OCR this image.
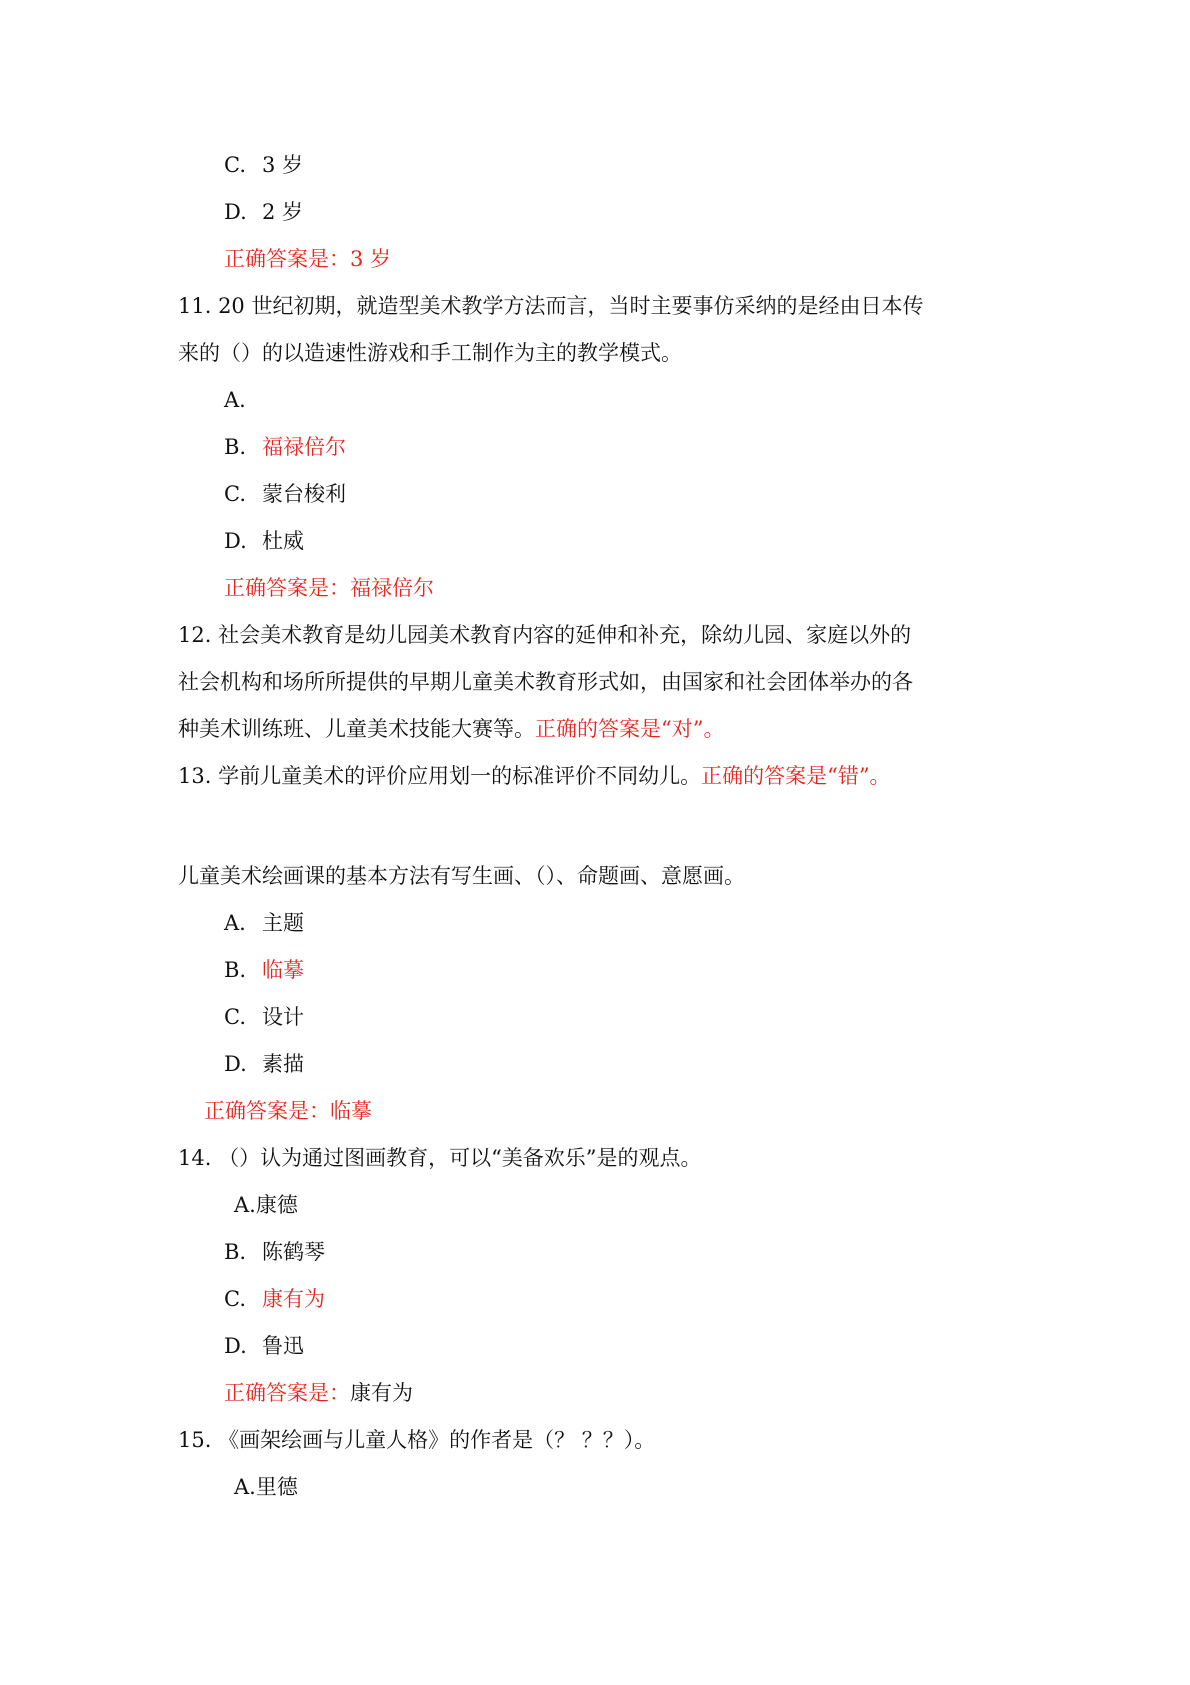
C. 3 岁
D. 2 岁
正确答案是：3 岁
11. 20 世纪初期，就造型美术教学方法而言，当时主要事仿采纳的是经由日本传
来的（）的以造速性游戏和手工制作为主的教学模式。
A.
B. 福禄倍尔
C. 蒙台梭利
D. 杜威
正确答案是：福禄倍尔
12. 社会美术教育是幼儿园美术教育内容的延伸和补充，除幼儿园、家庭以外的
社会机构和场所所提供的早期儿童美术教育形式如，由国家和社会团体举办的各
种美术训练班、儿童美术技能大赛等。正确的答案是“对”。
13. 学前儿童美术的评价应用划一的标准评价不同幼儿。正确的答案是“错”。
儿童美术绘画课的基本方法有写生画、（）、命题画、意愿画。
A. 主题
B. 临摹
C. 设计
D. 素描
正确答案是：临摹
14. （）认为通过图画教育，可以“美备欢乐”是的观点。
A.康德
B. 陈鹤琴
C. 康有为
D. 鲁迅
正确答案是：康有为
15. 《画架绘画与儿童人格》的作者是（？ ？？）。
A.里德
